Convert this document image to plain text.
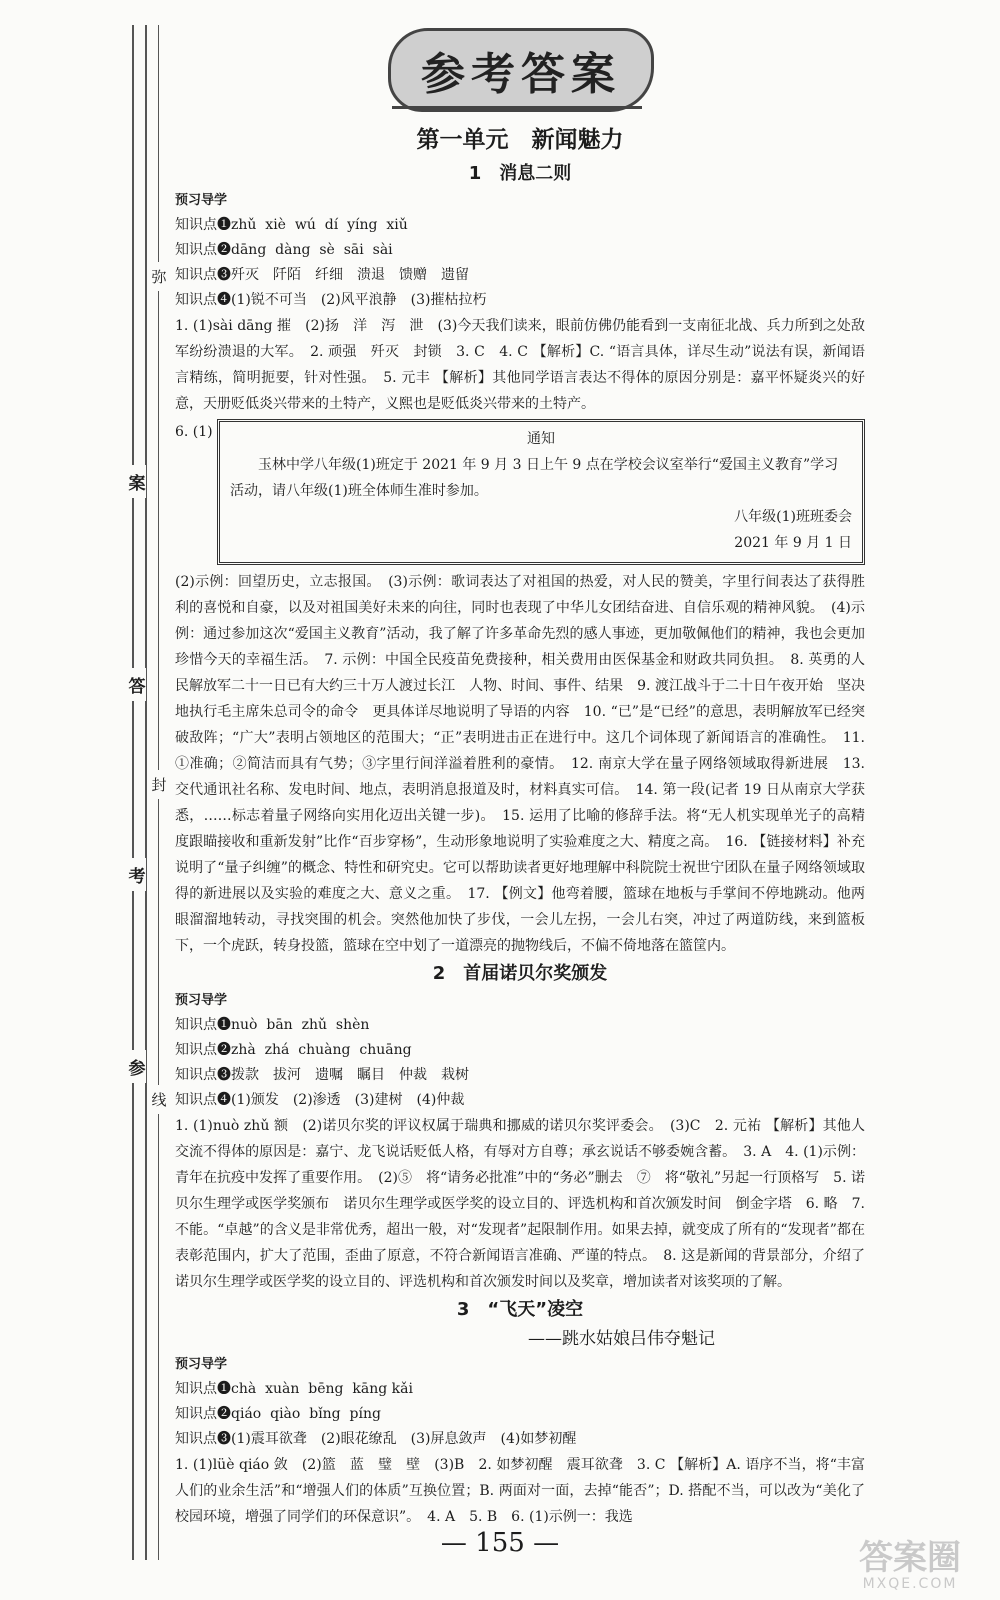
弥
封
线
案
答
考
参
参考答案
第一单元　新闻魅力
1　消息二则
预习导学
知识点❶zhǔ  xiè  wú  dí  yíng  xiǔ
知识点❷dāng  dàng  sè  sāi  sài
知识点❸歼灭　阡陌　纤细　溃退　馈赠　遗留
知识点❹(1)锐不可当　(2)风平浪静　(3)摧枯拉朽

1. (1)sài dāng 摧　(2)扬　洋　泻　泄　(3)今天我们读来，眼前仿佛仍能看到一支南征北战、兵力所到之处敌军纷纷溃退的大军。　2. 顽强　歼灭　封锁　3. C　4. C 【解析】C. “语言具体，详尽生动”说法有误，新闻语言精练，简明扼要，针对性强。　5. 元丰 【解析】其他同学语言表达不得体的原因分别是：嘉平怀疑炎兴的好意，天册贬低炎兴带来的土特产，义熙也是贬低炎兴带来的土特产。

6. (1)	通知
玉林中学八年级(1)班定于 2021 年 9 月 3 日上午 9 点在学校会议室举行“爱国主义教育”学习活动，请八年级(1)班全体师生准时参加。
八年级(1)班班委会
2021 年 9 月 1 日

(2)示例：回望历史，立志报国。　(3)示例：歌词表达了对祖国的热爱，对人民的赞美，字里行间表达了获得胜利的喜悦和自豪，以及对祖国美好未来的向往，同时也表现了中华儿女团结奋进、自信乐观的精神风貌。　(4)示例：通过参加这次“爱国主义教育”活动，我了解了许多革命先烈的感人事迹，更加敬佩他们的精神，我也会更加珍惜今天的幸福生活。　7. 示例：中国全民疫苗免费接种，相关费用由医保基金和财政共同负担。　8. 英勇的人民解放军二十一日已有大约三十万人渡过长江　人物、时间、事件、结果　9. 渡江战斗于二十日午夜开始　坚决地执行毛主席朱总司令的命令　更具体详尽地说明了导语的内容　10. “已”是“已经”的意思，表明解放军已经突破敌阵；“广大”表明占领地区的范围大；“正”表明进击正在进行中。这几个词体现了新闻语言的准确性。　11. ①准确；②简洁而具有气势；③字里行间洋溢着胜利的豪情。　12. 南京大学在量子网络领域取得新进展　13. 交代通讯社名称、发电时间、地点，表明消息报道及时，材料真实可信。　14. 第一段(记者 19 日从南京大学获悉，……标志着量子网络向实用化迈出关键一步)。　15. 运用了比喻的修辞手法。将“无人机实现单光子的高精度跟瞄接收和重新发射”比作“百步穿杨”，生动形象地说明了实验难度之大、精度之高。　16. 【链接材料】补充说明了“量子纠缠”的概念、特性和研究史。它可以帮助读者更好地理解中科院院士祝世宁团队在量子网络领域取得的新进展以及实验的难度之大、意义之重。　17. 【例文】他弯着腰，篮球在地板与手掌间不停地跳动。他两眼溜溜地转动，寻找突围的机会。突然他加快了步伐，一会儿左拐，一会儿右突，冲过了两道防线，来到篮板下，一个虎跃，转身投篮，篮球在空中划了一道漂亮的抛物线后，不偏不倚地落在篮筐内。

2　首届诺贝尔奖颁发
预习导学
知识点❶nuò  bān  zhǔ  shèn
知识点❷zhà  zhá  chuàng  chuāng
知识点❸拨款　拔河　遗嘱　瞩目　仲裁　栽树
知识点❹(1)颁发　(2)渗透　(3)建树　(4)仲裁

1. (1)nuò zhǔ 额　(2)诺贝尔奖的评议权属于瑞典和挪威的诺贝尔奖评委会。　(3)C　2. 元祐 【解析】其他人交流不得体的原因是：嘉宁、龙飞说话贬低人格，有辱对方自尊；承玄说话不够委婉含蓄。　3. A　4. (1)示例：青年在抗疫中发挥了重要作用。　(2)⑤　将“请务必批准”中的“务必”删去　⑦　将“敬礼”另起一行顶格写　5. 诺贝尔生理学或医学奖颁布　诺贝尔生理学或医学奖的设立目的、评选机构和首次颁发时间　倒金字塔　6. 略　7. 不能。“卓越”的含义是非常优秀，超出一般，对“发现者”起限制作用。如果去掉，就变成了所有的“发现者”都在表彰范围内，扩大了范围，歪曲了原意，不符合新闻语言准确、严谨的特点。　8. 这是新闻的背景部分，介绍了诺贝尔生理学或医学奖的设立目的、评选机构和首次颁发时间以及奖章，增加读者对该奖项的了解。

3　“飞天”凌空
——跳水姑娘吕伟夺魁记
预习导学
知识点❶chà  xuàn  bēng  kāng kǎi
知识点❷qiáo  qiào  bǐng  píng
知识点❸(1)震耳欲聋　(2)眼花缭乱　(3)屏息敛声　(4)如梦初醒

1. (1)lüè qiáo 敛　(2)篮　蓝　璧　壁　(3)B　2. 如梦初醒　震耳欲聋　3. C 【解析】A. 语序不当，将“丰富人们的业余生活”和“增强人们的体质”互换位置；B. 两面对一面，去掉“能否”；D. 搭配不当，可以改为“美化了校园环境，增强了同学们的环保意识”。　4. A　5. B　6. (1)示例一：我选

— 155 —	答案圈
MXQE.COM
